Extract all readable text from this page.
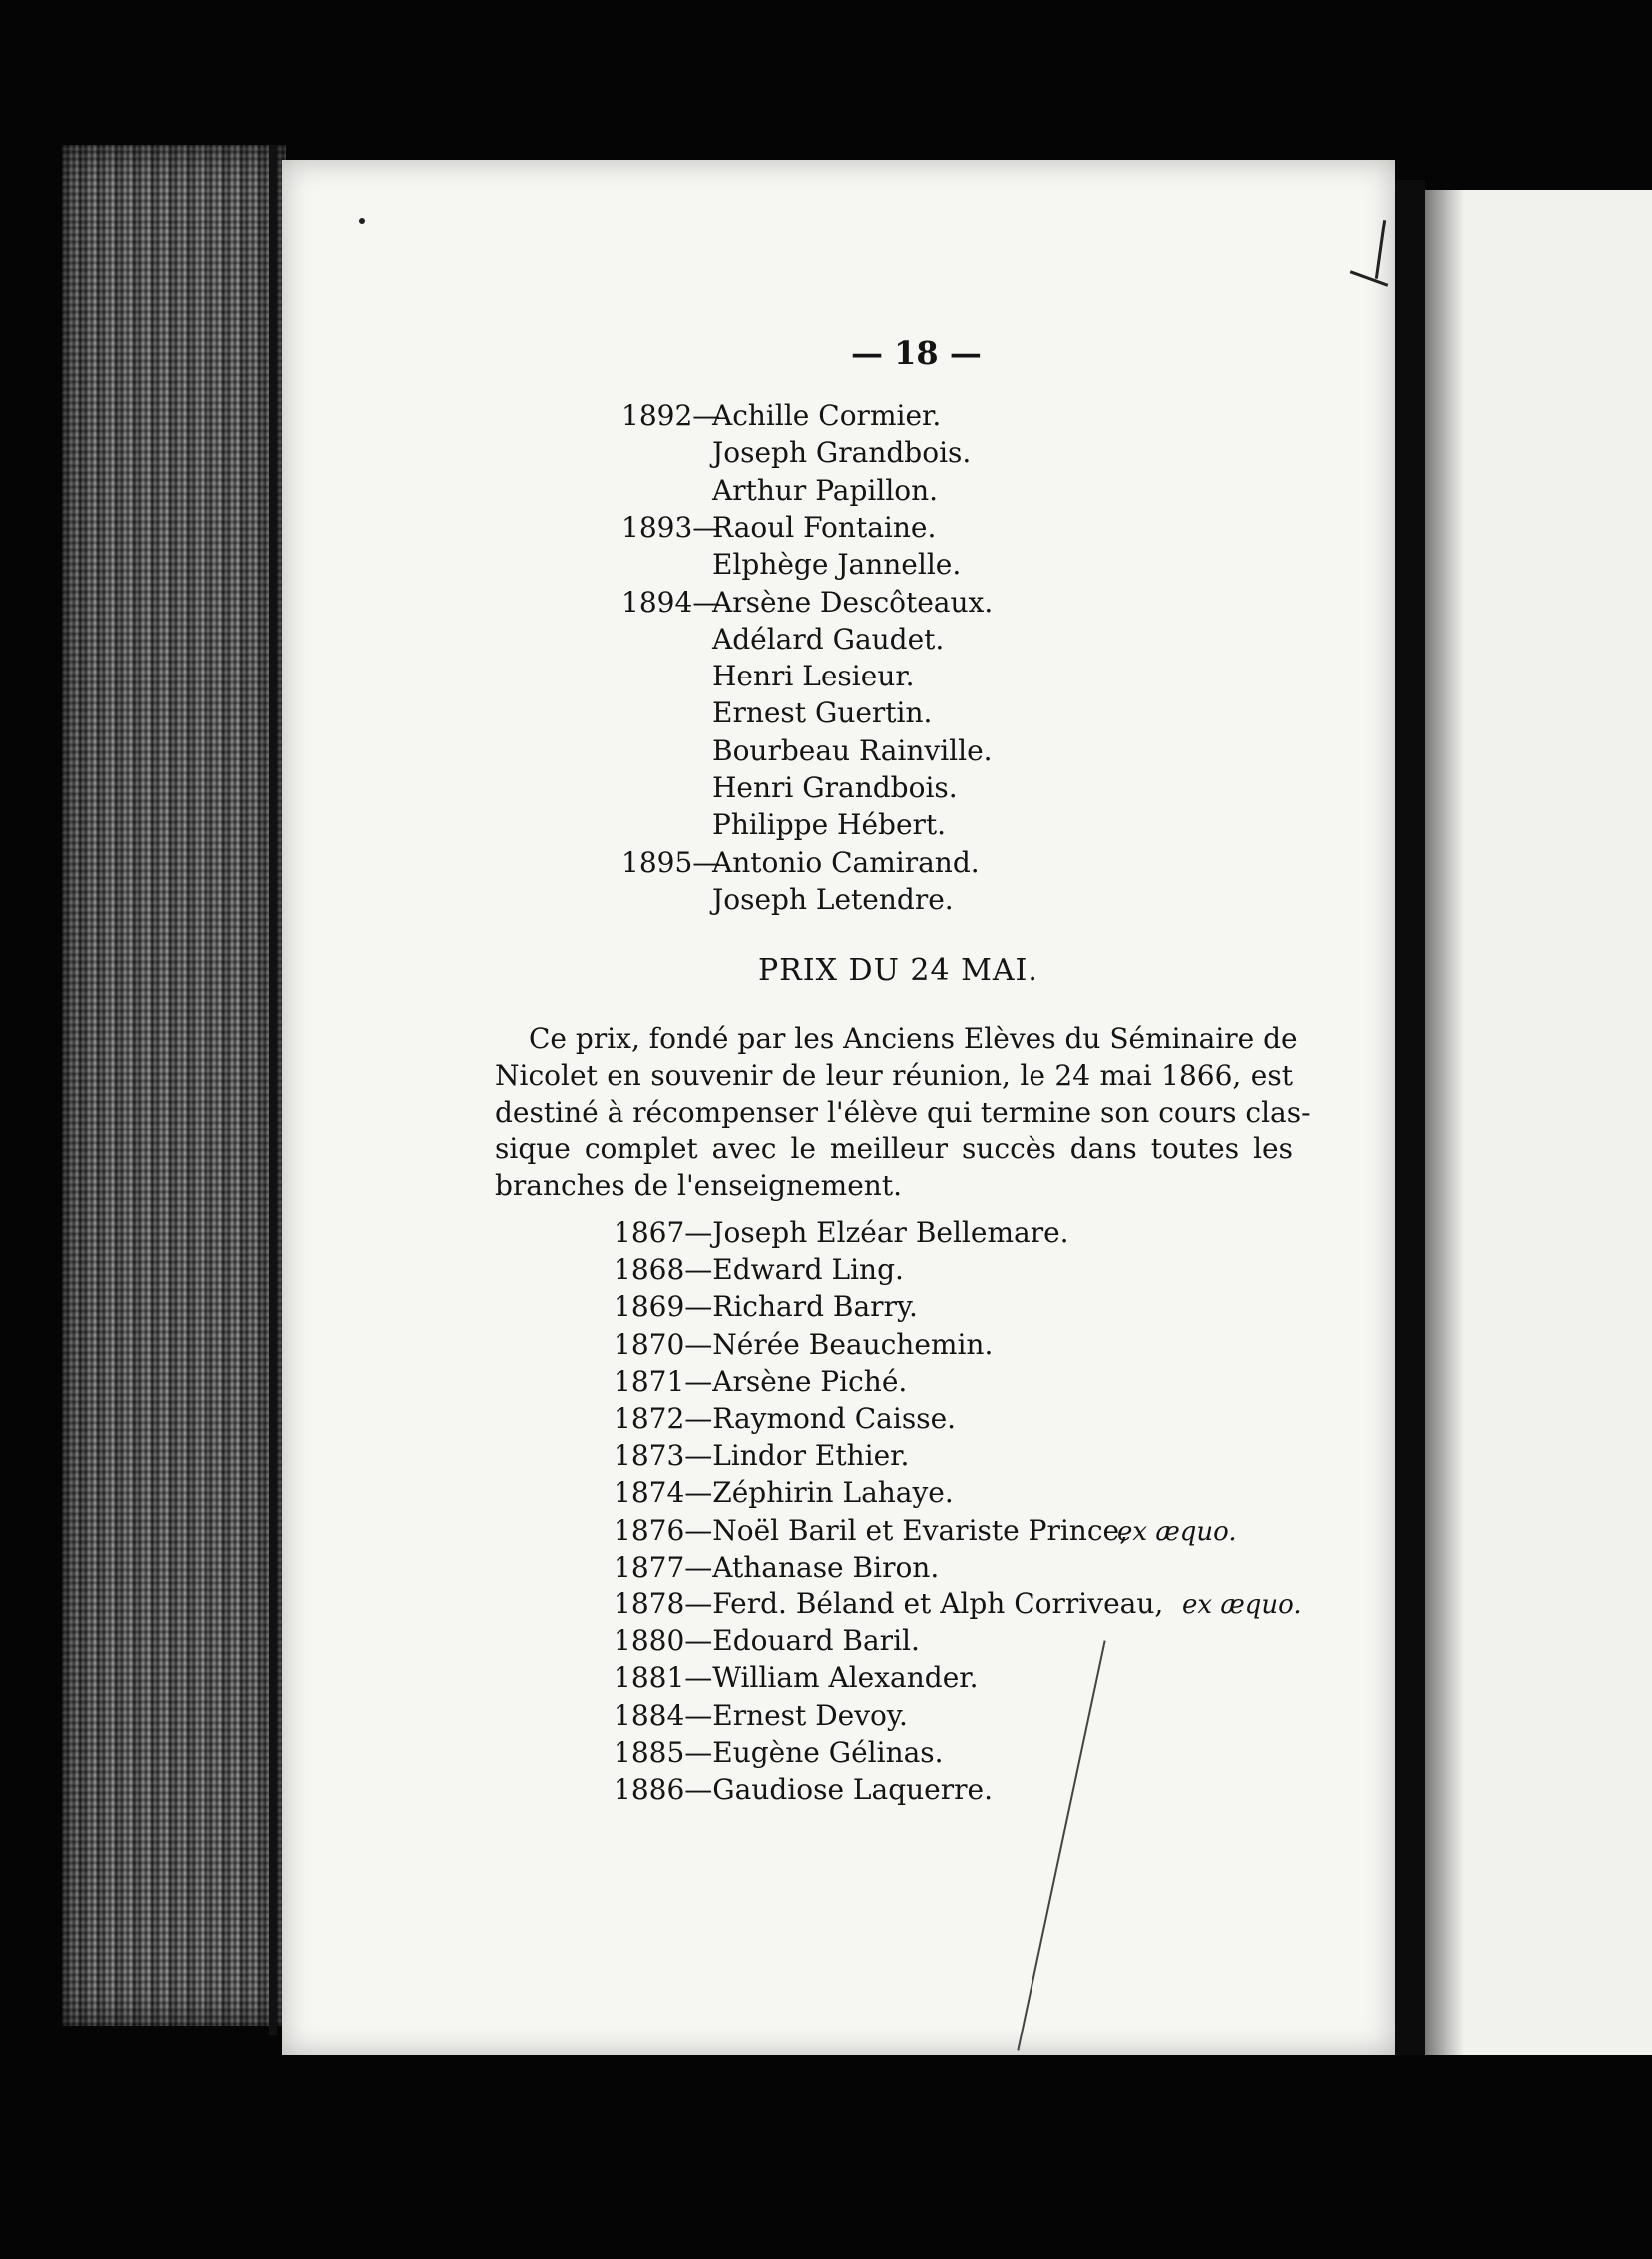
— 18 —
1892—
Achille Cormier.
Joseph Grandbois.
Arthur Papillon.
1893—
Raoul Fontaine.
Elphège Jannelle.
1894—
Arsène Descôteaux.
Adélard Gaudet.
Henri Lesieur.
Ernest Guertin.
Bourbeau Rainville.
Henri Grandbois.
Philippe Hébert.
1895—
Antonio Camirand.
Joseph Letendre.
PRIX DU 24 MAI.
Ce prix, fondé par les Anciens Elèves du Séminaire de
Nicolet en souvenir de leur réunion, le 24 mai 1866, est
destiné à récompenser l'élève qui termine son cours clas-
sique complet avec le meilleur succès dans toutes les
branches de l'enseignement.
1867—Joseph Elzéar Bellemare.
1868—Edward Ling.
1869—Richard Barry.
1870—Nérée Beauchemin.
1871—Arsène Piché.
1872—Raymond Caisse.
1873—Lindor Ethier.
1874—Zéphirin Lahaye.
1876—Noël Baril et Evariste Prince,
ex æquo.
1877—Athanase Biron.
1878—Ferd. Béland et Alph Corriveau, ex æquo.
1880—Edouard Baril.
1881—William Alexander.
1884—Ernest Devoy.
1885—Eugène Gélinas.
1886—Gaudiose Laquerre.
